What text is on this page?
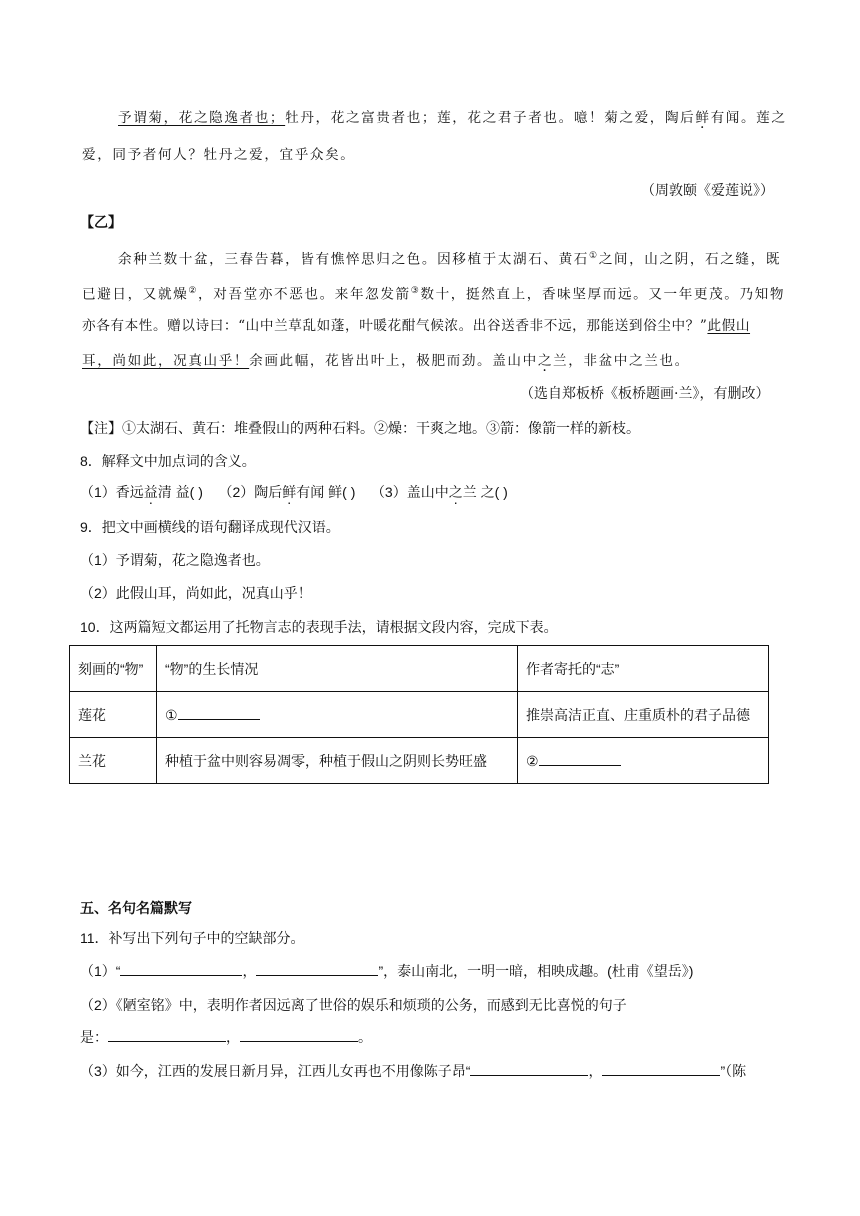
予谓菊，花之隐逸者也；牡丹，花之富贵者也；莲，花之君子者也。噫！菊之爱，陶后鲜有闻。莲之
爱，同予者何人？牡丹之爱，宜乎众矣。
（周敦颐《爱莲说》）
【乙】
余种兰数十盆，三春告暮，皆有憔悴思归之色。因移植于太湖石、黄石①之间，山之阴，石之缝，既
已避日，又就燥②，对吾堂亦不恶也。来年忽发箭③数十，挺然直上，香味坚厚而远。又一年更茂。乃知物
亦各有本性。赠以诗曰：“山中兰草乱如蓬，叶暖花酣气候浓。出谷送香非不远，那能送到俗尘中？”此假山
耳，尚如此，况真山乎！余画此幅，花皆出叶上，极肥而劲。盖山中之兰，非盆中之兰也。
（选自郑板桥《板桥题画·兰》，有删改）
【注】①太湖石、黄石：堆叠假山的两种石料。②燥：干爽之地。③箭：像箭一样的新枝。
8．解释文中加点词的含义。
（1）香远益清 益( ) （2）陶后鲜有闻 鲜( ) （3）盖山中之兰 之( )
9．把文中画横线的语句翻译成现代汉语。
（1）予谓菊，花之隐逸者也。
（2）此假山耳，尚如此，况真山乎！
10．这两篇短文都运用了托物言志的表现手法，请根据文段内容，完成下表。
刻画的“物”	“物”的生长情况	作者寄托的“志”
莲花	①	推崇高洁正直、庄重质朴的君子品德
兰花	种植于盆中则容易凋零，种植于假山之阴则长势旺盛	②
五、名句名篇默写
11．补写出下列句子中的空缺部分。
（1）“	，	”，泰山南北，一明一暗，相映成趣。(杜甫《望岳》)
（2）《陋室铭》中，表明作者因远离了世俗的娱乐和烦琐的公务，而感到无比喜悦的句子
是：	，	。
（3）如今，江西的发展日新月异，江西儿女再也不用像陈子昂“	，	”（陈
